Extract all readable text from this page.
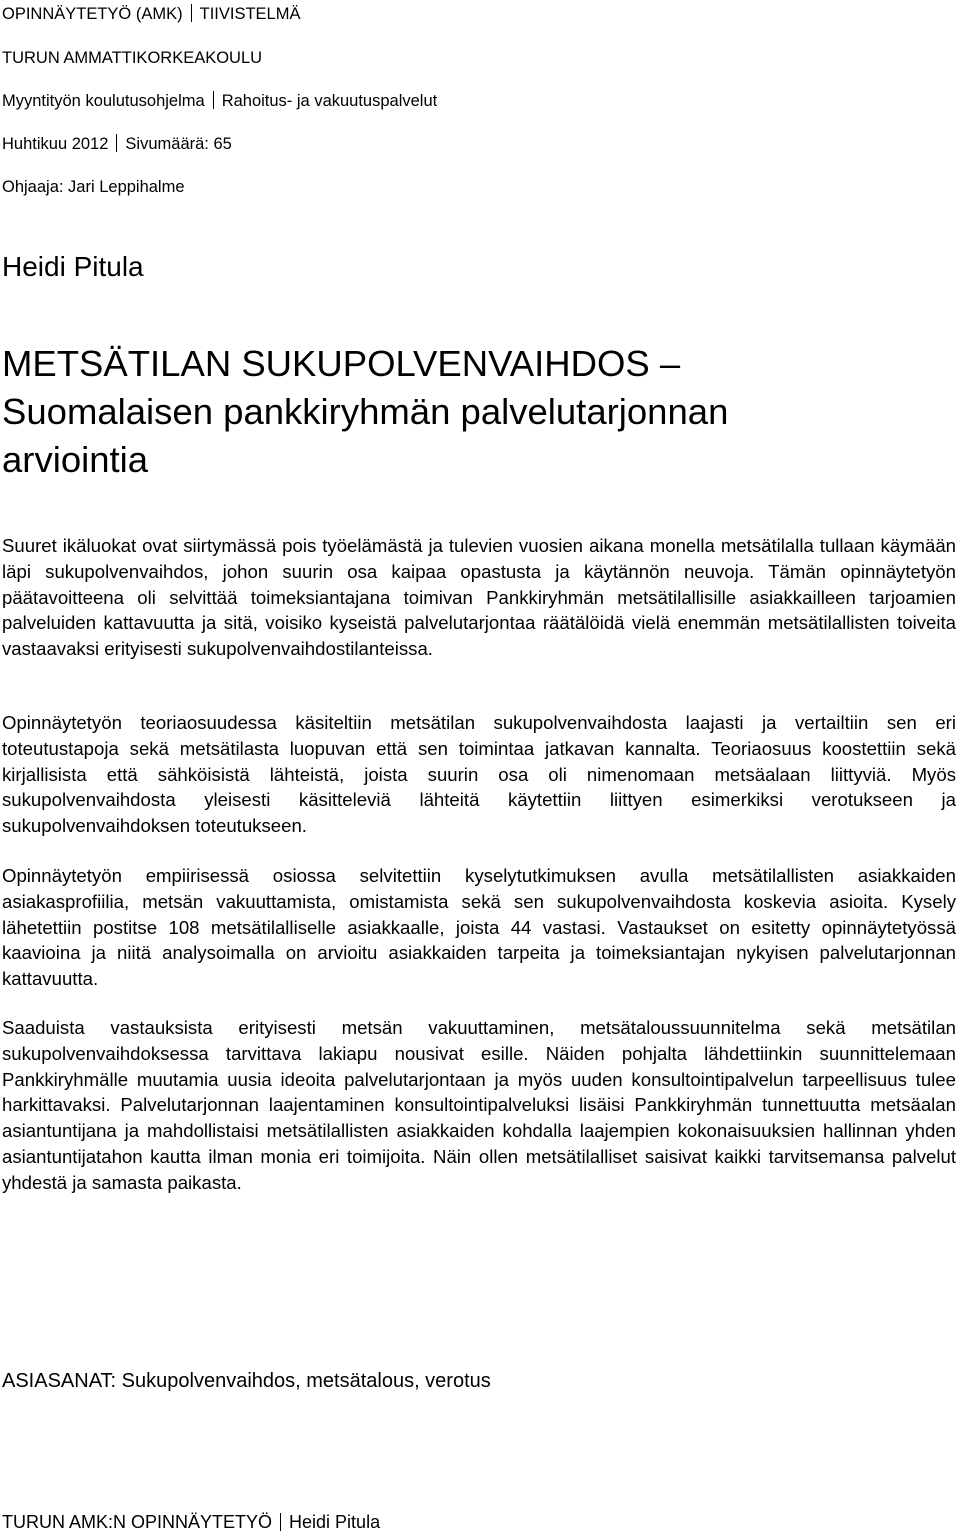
OPINNÄYTETYÖ (AMK) TIIVISTELMÄ
TURUN AMMATTIKORKEAKOULU
Myyntityön koulutusohjelma Rahoitus- ja vakuutuspalvelut
Huhtikuu 2012 Sivumäärä: 65
Ohjaaja: Jari Leppihalme
Heidi Pitula
METSÄTILAN SUKUPOLVENVAIHDOS –
Suomalaisen pankkiryhmän palvelutarjonnan
arviointia

Suuret ikäluokat ovat siirtymässä pois työelämästä ja tulevien vuosien aikana monella metsätilalla tullaan käymään läpi sukupolvenvaihdos, johon suurin osa kaipaa opastusta ja käytännön neuvoja. Tämän opinnäytetyön päätavoitteena oli selvittää toimeksiantajana toimivan Pankkiryhmän metsätilallisille asiakkailleen tarjoamien palveluiden kattavuutta ja sitä, voisiko kyseistä palvelutarjontaa räätälöidä vielä enemmän metsätilallisten toiveita vastaavaksi erityisesti sukupolvenvaihdostilanteissa.

Opinnäytetyön teoriaosuudessa käsiteltiin metsätilan sukupolvenvaihdosta laajasti ja vertailtiin sen eri toteutustapoja sekä metsätilasta luopuvan että sen toimintaa jatkavan kannalta. Teoriaosuus koostettiin sekä kirjallisista että sähköisistä lähteistä, joista suurin osa oli nimenomaan metsäalaan liittyviä. Myös sukupolvenvaihdosta yleisesti käsitteleviä lähteitä käytettiin liittyen esimerkiksi verotukseen ja sukupolvenvaihdoksen toteutukseen.

Opinnäytetyön empiirisessä osiossa selvitettiin kyselytutkimuksen avulla metsätilallisten asiakkaiden asiakasprofiilia, metsän vakuuttamista, omistamista sekä sen sukupolvenvaihdosta koskevia asioita. Kysely lähetettiin postitse 108 metsätilalliselle asiakkaalle, joista 44 vastasi. Vastaukset on esitetty opinnäytetyössä kaavioina ja niitä analysoimalla on arvioitu asiakkaiden tarpeita ja toimeksiantajan nykyisen palvelutarjonnan kattavuutta.

Saaduista vastauksista erityisesti metsän vakuuttaminen, metsätaloussuunnitelma sekä metsätilan sukupolvenvaihdoksessa tarvittava lakiapu nousivat esille. Näiden pohjalta lähdettiinkin suunnittelemaan Pankkiryhmälle muutamia uusia ideoita palvelutarjontaan ja myös uuden konsultointipalvelun tarpeellisuus tulee harkittavaksi. Palvelutarjonnan laajentaminen konsultointipalveluksi lisäisi Pankkiryhmän tunnettuutta metsäalan asiantuntijana ja mahdollistaisi metsätilallisten asiakkaiden kohdalla laajempien kokonaisuuksien hallinnan yhden asiantuntijatahon kautta ilman monia eri toimijoita. Näin ollen metsätilalliset saisivat kaikki tarvitsemansa palvelut yhdestä ja samasta paikasta.

ASIASANAT: Sukupolvenvaihdos, metsätalous, verotus
TURUN AMK:N OPINNÄYTETYÖ Heidi Pitula
